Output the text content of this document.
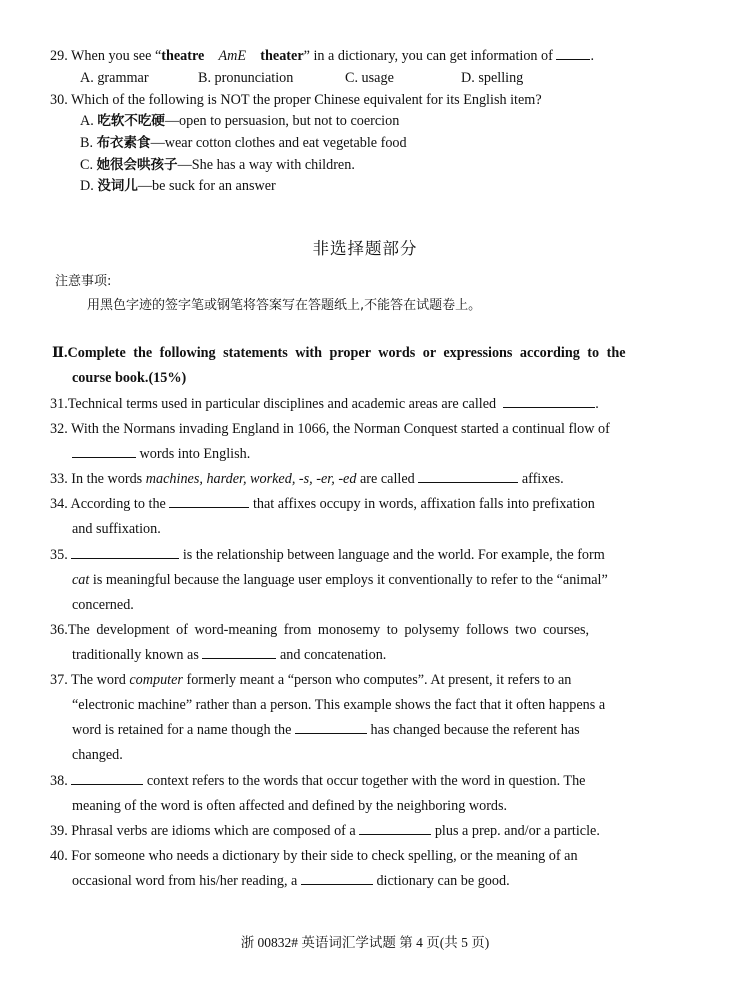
29. When you see “theatre AmE theater” in a dictionary, you can get information of	.
A. grammar	B. pronunciation	C. usage	D. spelling
30. Which of the following is NOT the proper Chinese equivalent for its English item?
A. 吃软不吃硬—open to persuasion, but not to coercion
B. 布衣素食—wear cotton clothes and eat vegetable food
C. 她很会哄孩子—She has a way with children.
D. 没词儿—be suck for an answer
非选择题部分
注意事项:
用黑色字迹的签字笔或钢笔将答案写在答题纸上,不能答在试题卷上。
Ⅱ.Complete the following statements with proper words or expressions according to the
course book.(15%)
31.Technical terms used in particular disciplines and academic areas are called	.
32. With the Normans invading England in 1066, the Norman Conquest started a continual flow of
words into English.
33. In the words machines, harder, worked, -s, -er, -ed are called	affixes.
34. According to the	that affixes occupy in words, affixation falls into prefixation
and suffixation.
35.	is the relationship between language and the world. For example, the form
cat is meaningful because the language user employs it conventionally to refer to the “animal”
concerned.
36.The development of word-meaning from monosemy to polysemy follows two courses,
traditionally known as	and concatenation.
37. The word computer formerly meant a “person who computes”. At present, it refers to an
“electronic machine” rather than a person. This example shows the fact that it often happens a
word is retained for a name though the	has changed because the referent has
changed.
38.	context refers to the words that occur together with the word in question. The
meaning of the word is often affected and defined by the neighboring words.
39. Phrasal verbs are idioms which are composed of a	plus a prep. and/or a particle.
40. For someone who needs a dictionary by their side to check spelling, or the meaning of an
occasional word from his/her reading, a	dictionary can be good.
浙 00832# 英语词汇学试题 第 4 页(共 5 页)
